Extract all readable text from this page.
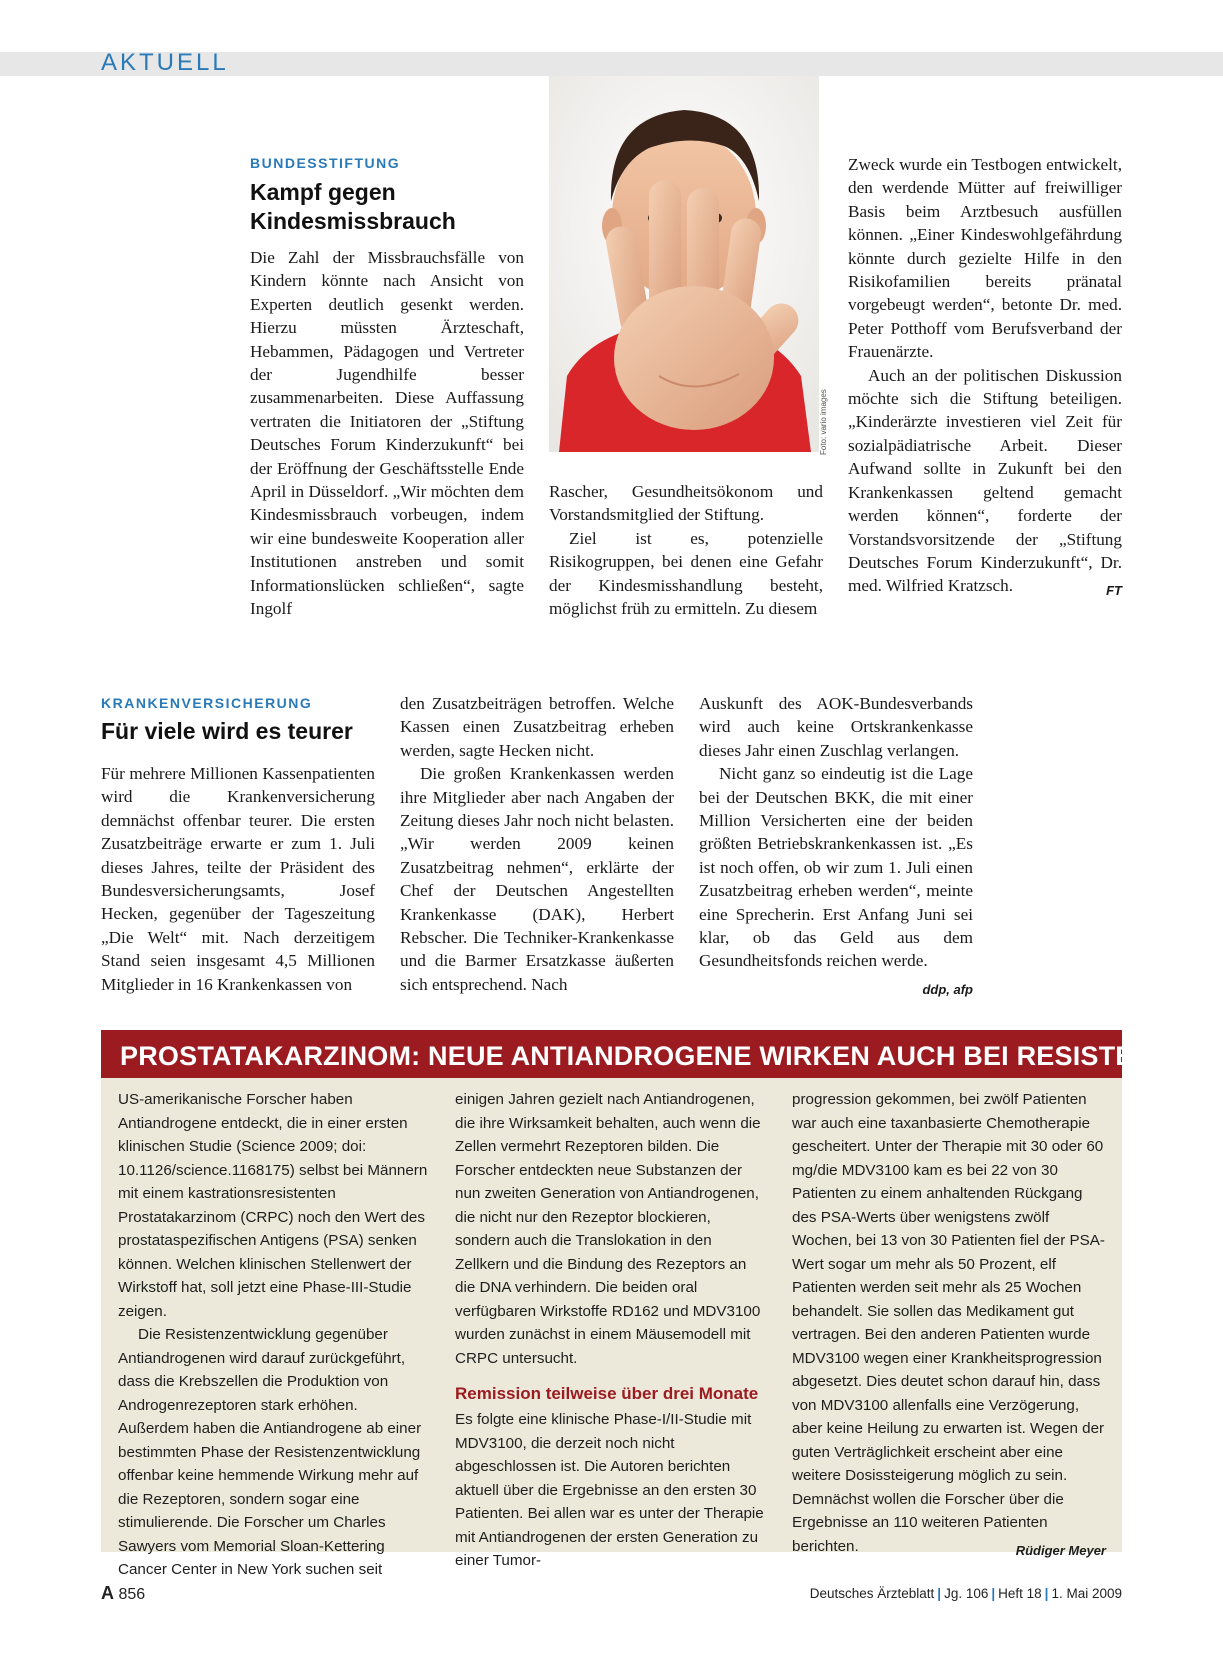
AKTUELL
BUNDESSTIFTUNG
Kampf gegen
Kindesmissbrauch

Die Zahl der Missbrauchsfälle von Kindern könnte nach Ansicht von Experten deutlich gesenkt werden. Hierzu müssten Ärzteschaft, Hebammen, Pädagogen und Vertreter der Jugendhilfe besser zusammenarbeiten. Diese Auffassung vertraten die Initiatoren der „Stiftung Deutsches Forum Kinderzukunft“ bei der Eröffnung der Geschäftsstelle Ende April in Düsseldorf. „Wir möchten dem Kindesmissbrauch vorbeugen, indem wir eine bundesweite Kooperation aller Institutionen anstreben und somit Informationslücken schließen“, sagte Ingolf

Foto: vario images

Rascher, Gesundheitsökonom und Vorstandsmitglied der Stiftung.

Ziel ist es, potenzielle Risikogruppen, bei denen eine Gefahr der Kindesmisshandlung besteht, möglichst früh zu ermitteln. Zu diesem

Zweck wurde ein Testbogen entwickelt, den werdende Mütter auf freiwilliger Basis beim Arztbesuch ausfüllen können. „Einer Kindeswohlgefährdung könnte durch gezielte Hilfe in den Risikofamilien bereits pränatal vorgebeugt werden“, betonte Dr. med. Peter Potthoff vom Berufsverband der Frauenärzte.

Auch an der politischen Diskussion möchte sich die Stiftung beteiligen. „Kinderärzte investieren viel Zeit für sozialpädiatrische Arbeit. Dieser Aufwand sollte in Zukunft bei den Krankenkassen geltend gemacht werden können“, forderte der Vorstandsvorsitzende der „Stiftung Deutsches Forum Kinderzukunft“, Dr. med. Wilfried Kratzsch.	FT

KRANKENVERSICHERUNG
Für viele wird es teurer

Für mehrere Millionen Kassenpatienten wird die Krankenversicherung demnächst offenbar teurer. Die ersten Zusatzbeiträge erwarte er zum 1. Juli dieses Jahres, teilte der Präsident des Bundesversicherungsamts, Josef Hecken, gegenüber der Tageszeitung „Die Welt“ mit. Nach derzeitigem Stand seien insgesamt 4,5 Millionen Mitglieder in 16 Krankenkassen von

den Zusatzbeiträgen betroffen. Welche Kassen einen Zusatzbeitrag erheben werden, sagte Hecken nicht.

Die großen Krankenkassen werden ihre Mitglieder aber nach Angaben der Zeitung dieses Jahr noch nicht belasten. „Wir werden 2009 keinen Zusatzbeitrag nehmen“, erklärte der Chef der Deutschen Angestellten Krankenkasse (DAK), Herbert Rebscher. Die Techniker-Krankenkasse und die Barmer Ersatzkasse äußerten sich entsprechend. Nach

Auskunft des AOK-Bundesverbands wird auch keine Ortskrankenkasse dieses Jahr einen Zuschlag verlangen.

Nicht ganz so eindeutig ist die Lage bei der Deutschen BKK, die mit einer Million Versicherten eine der beiden größten Betriebskrankenkassen ist. „Es ist noch offen, ob wir zum 1. Juli einen Zusatzbeitrag erheben werden“, meinte eine Sprecherin. Erst Anfang Juni sei klar, ob das Geld aus dem Gesundheitsfonds reichen werde.
ddp, afp

PROSTATAKARZINOM: NEUE ANTIANDROGENE WIRKEN AUCH BEI RESISTENZ

US-amerikanische Forscher haben Antiandrogene entdeckt, die in einer ersten klinischen Studie (Science 2009; doi: 10.1126/science.1168175) selbst bei Männern mit einem kastrationsresistenten Prostatakarzinom (CRPC) noch den Wert des prostataspezifischen Antigens (PSA) senken können. Welchen klinischen Stellenwert der Wirkstoff hat, soll jetzt eine Phase-III-Studie zeigen.

Die Resistenzentwicklung gegenüber Antiandrogenen wird darauf zurückgeführt, dass die Krebszellen die Produktion von Androgenrezeptoren stark erhöhen. Außerdem haben die Antiandrogene ab einer bestimmten Phase der Resistenzentwicklung offenbar keine hemmende Wirkung mehr auf die Rezeptoren, sondern sogar eine stimulierende. Die Forscher um Charles Sawyers vom Memorial Sloan-Kettering Cancer Center in New York suchen seit

einigen Jahren gezielt nach Antiandrogenen, die ihre Wirksamkeit behalten, auch wenn die Zellen vermehrt Rezeptoren bilden. Die Forscher entdeckten neue Substanzen der nun zweiten Generation von Antiandrogenen, die nicht nur den Rezeptor blockieren, sondern auch die Translokation in den Zellkern und die Bindung des Rezeptors an die DNA verhindern. Die beiden oral verfügbaren Wirkstoffe RD162 und MDV3100 wurden zunächst in einem Mäusemodell mit CRPC untersucht.

Remission teilweise über drei Monate

Es folgte eine klinische Phase-I/II-Studie mit MDV3100, die derzeit noch nicht abgeschlossen ist. Die Autoren berichten aktuell über die Ergebnisse an den ersten 30 Patienten. Bei allen war es unter der Therapie mit Antiandrogenen der ersten Generation zu einer Tumor-

progression gekommen, bei zwölf Patienten war auch eine taxanbasierte Chemotherapie gescheitert. Unter der Therapie mit 30 oder 60 mg/die MDV3100 kam es bei 22 von 30 Patienten zu einem anhaltenden Rückgang des PSA-Werts über wenigstens zwölf Wochen, bei 13 von 30 Patienten fiel der PSA-Wert sogar um mehr als 50 Prozent, elf Patienten werden seit mehr als 25 Wochen behandelt. Sie sollen das Medikament gut vertragen. Bei den anderen Patienten wurde MDV3100 wegen einer Krankheitsprogression abgesetzt. Dies deutet schon darauf hin, dass von MDV3100 allenfalls eine Verzögerung, aber keine Heilung zu erwarten ist. Wegen der guten Verträglichkeit erscheint aber eine weitere Dosissteigerung möglich zu sein. Demnächst wollen die Forscher über die Ergebnisse an 110 weiteren Patienten berichten.	Rüdiger Meyer

A 856	Deutsches Ärzteblatt | Jg. 106 | Heft 18 | 1. Mai 2009
